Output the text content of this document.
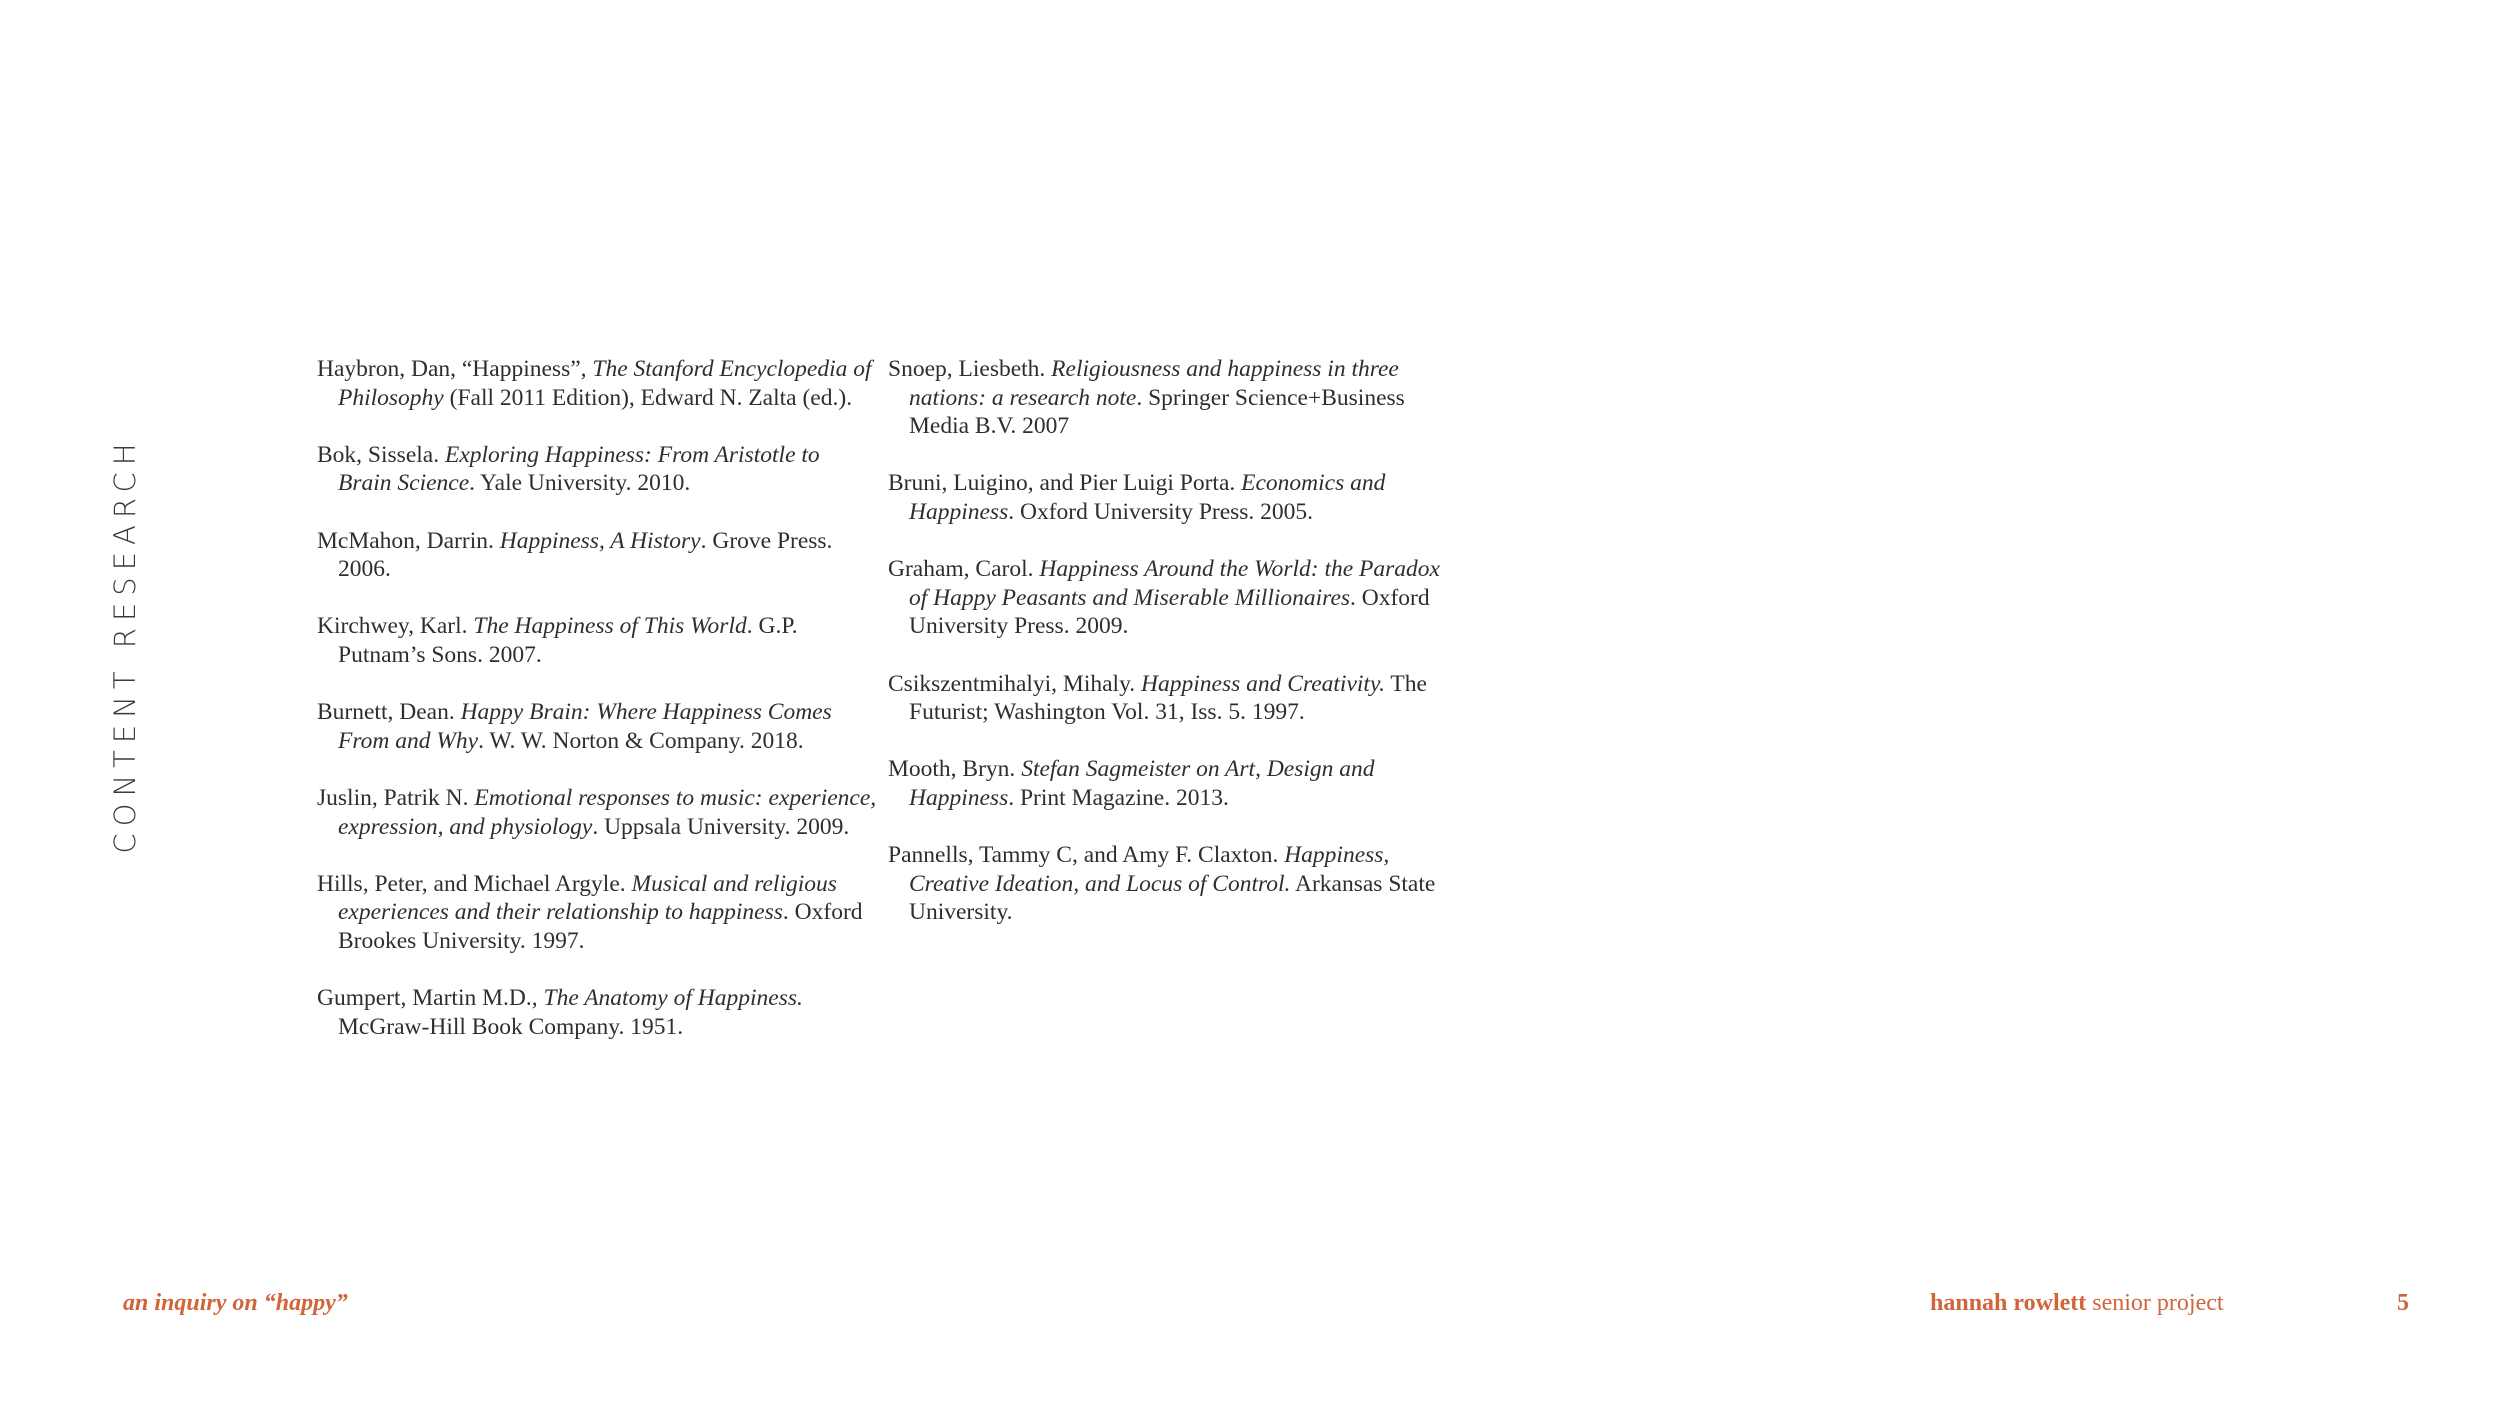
CONTENT RESEARCH

Haybron, Dan, “Happiness”, The Stanford Encyclopedia of Philosophy (Fall 2011 Edition), Edward N. Zalta (ed.).

Bok, Sissela. Exploring Happiness: From Aristotle to Brain Science. Yale University. 2010.

McMahon, Darrin. Happiness, A History. Grove Press. 2006.

Kirchwey, Karl. The Happiness of This World. G.P. Putnam’s Sons. 2007.

Burnett, Dean. Happy Brain: Where Happiness Comes From and Why. W. W. Norton & Company. 2018.

Juslin, Patrik N. Emotional responses to music: experience, expression, and physiology. Uppsala University. 2009.

Hills, Peter, and Michael Argyle. Musical and religious experiences and their relationship to happiness. Oxford Brookes University. 1997.

Gumpert, Martin M.D., The Anatomy of Happiness. McGraw-Hill Book Company. 1951.

Snoep, Liesbeth. Religiousness and happiness in three nations: a research note. Springer Science+Business Media B.V. 2007

Bruni, Luigino, and Pier Luigi Porta. Economics and Happiness. Oxford University Press. 2005.

Graham, Carol. Happiness Around the World: the Paradox of Happy Peasants and Miserable Millionaires. Oxford University Press. 2009.

Csikszentmihalyi, Mihaly. Happiness and Creativity. The Futurist; Washington Vol. 31, Iss. 5. 1997.

Mooth, Bryn. Stefan Sagmeister on Art, Design and Happiness. Print Magazine. 2013.

Pannells, Tammy C, and Amy F. Claxton. Happiness, Creative Ideation, and Locus of Control. Arkansas State University.

an inquiry on “happy”	hannah rowlett senior project	5
